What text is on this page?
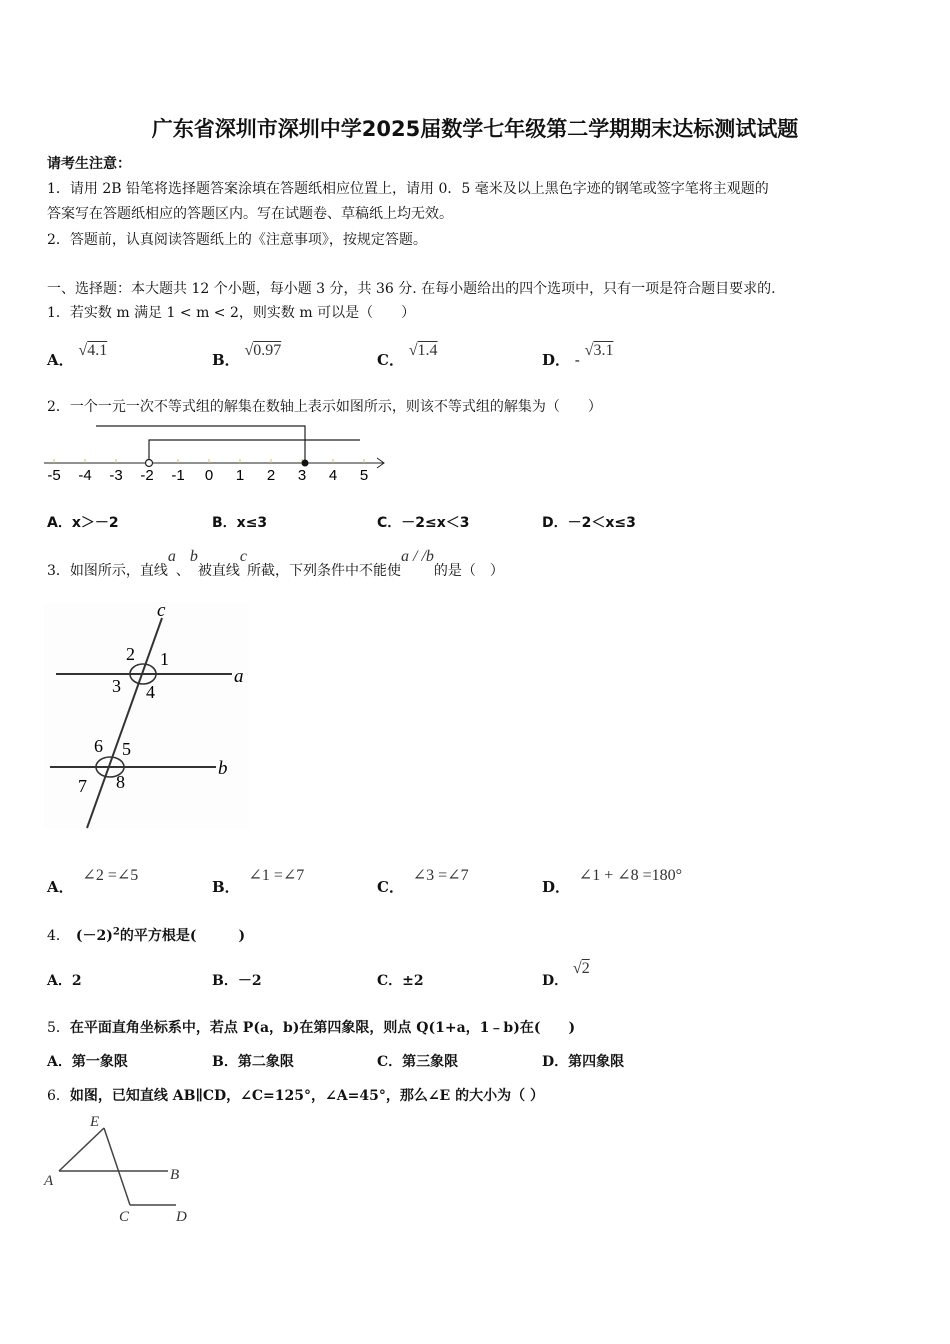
广东省深圳市深圳中学2025届数学七年级第二学期期末达标测试试题
请考生注意：
1．请用 2B 铅笔将选择题答案涂填在答题纸相应位置上，请用 0．5 毫米及以上黑色字迹的钢笔或签字笔将主观题的
答案写在答题纸相应的答题区内。写在试题卷、草稿纸上均无效。
2．答题前，认真阅读答题纸上的《注意事项》，按规定答题。
一、选择题：本大题共 12 个小题，每小题 3 分，共 36 分. 在每小题给出的四个选项中，只有一项是符合题目要求的.
1．若实数 m 满足 1 < m < 2，则实数 m 可以是（　　）
A． √4.1
B． √0.97
C． √1.4
D． - √3.1
2．一个一元一次不等式组的解集在数轴上表示如图所示，则该不等式组的解集为（　　）
-5 -4 -3 -2 -1 0 1 2 3 4 5
A．x＞－2	B．x≤3	C．－2≤x＜3	D．－2＜x≤3
3．如图所示，直线a、b被直线c所截，下列条件中不能使a / /b的是（　）
c
a
b
1
2
3 4
5
6
7 8
A． ∠2 =∠5
B． ∠1 =∠7
C． ∠3 =∠7
D． ∠1 + ∠8 =180°
4． $(-2)^2$的平方根是(　　　)
A．2	B．－2	C．±2	D． √2
5．在平面直角坐标系中，若点 P(a，b)在第四象限，则点 Q(1+a，1﹣b)在(　　)
A．第一象限	B．第二象限	C．第三象限	D．第四象限
6．如图，已知直线 AB∥CD，∠C=125°，∠A=45°，那么∠E 的大小为（ ）
E
A	B
C	D
